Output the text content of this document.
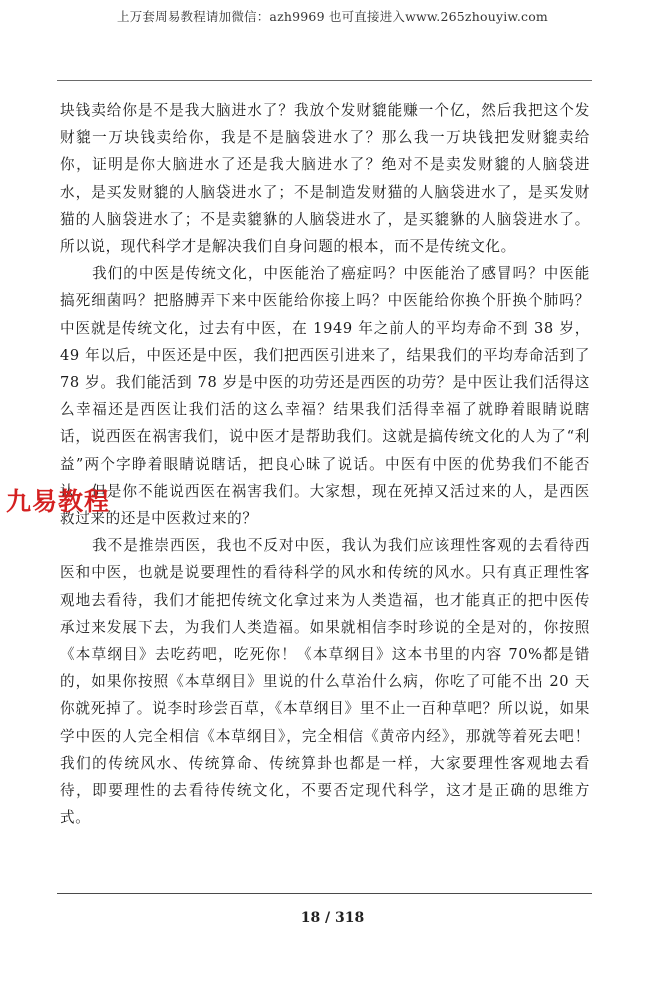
上万套周易教程请加微信：azh9969 也可直接进入www.265zhouyiw.com

块钱卖给你是不是我大脑进水了？我放个发财貔能赚一个亿，然后我把这个发财貔一万块钱卖给你，我是不是脑袋进水了？那么我一万块钱把发财貔卖给你，证明是你大脑进水了还是我大脑进水了？绝对不是卖发财貔的人脑袋进水，是买发财貔的人脑袋进水了；不是制造发财猫的人脑袋进水了，是买发财猫的人脑袋进水了；不是卖貔貅的人脑袋进水了，是买貔貅的人脑袋进水了。所以说，现代科学才是解决我们自身问题的根本，而不是传统文化。

我们的中医是传统文化，中医能治了癌症吗？中医能治了感冒吗？中医能搞死细菌吗？把胳膊弄下来中医能给你接上吗？中医能给你换个肝换个肺吗？中医就是传统文化，过去有中医，在 1949 年之前人的平均寿命不到 38 岁，49 年以后，中医还是中医，我们把西医引进来了，结果我们的平均寿命活到了 78 岁。我们能活到 78 岁是中医的功劳还是西医的功劳？是中医让我们活得这么幸福还是西医让我们活的这么幸福？结果我们活得幸福了就睁着眼睛说瞎话，说西医在祸害我们，说中医才是帮助我们。这就是搞传统文化的人为了“利益”两个字睁着眼睛说瞎话，把良心昧了说话。中医有中医的优势我们不能否认，但是你不能说西医在祸害我们。大家想，现在死掉又活过来的人，是西医救过来的还是中医救过来的？

我不是推崇西医，我也不反对中医，我认为我们应该理性客观的去看待西医和中医，也就是说要理性的看待科学的风水和传统的风水。只有真正理性客观地去看待，我们才能把传统文化拿过来为人类造福，也才能真正的把中医传承过来发展下去，为我们人类造福。如果就相信李时珍说的全是对的，你按照《本草纲目》去吃药吧，吃死你！《本草纲目》这本书里的内容 70%都是错的，如果你按照《本草纲目》里说的什么草治什么病，你吃了可能不出 20 天你就死掉了。说李时珍尝百草，《本草纲目》里不止一百种草吧？所以说，如果学中医的人完全相信《本草纲目》，完全相信《黄帝内经》，那就等着死去吧！我们的传统风水、传统算命、传统算卦也都是一样，大家要理性客观地去看待，即要理性的去看待传统文化，不要否定现代科学，这才是正确的思维方式。

九易教程
18 / 318
